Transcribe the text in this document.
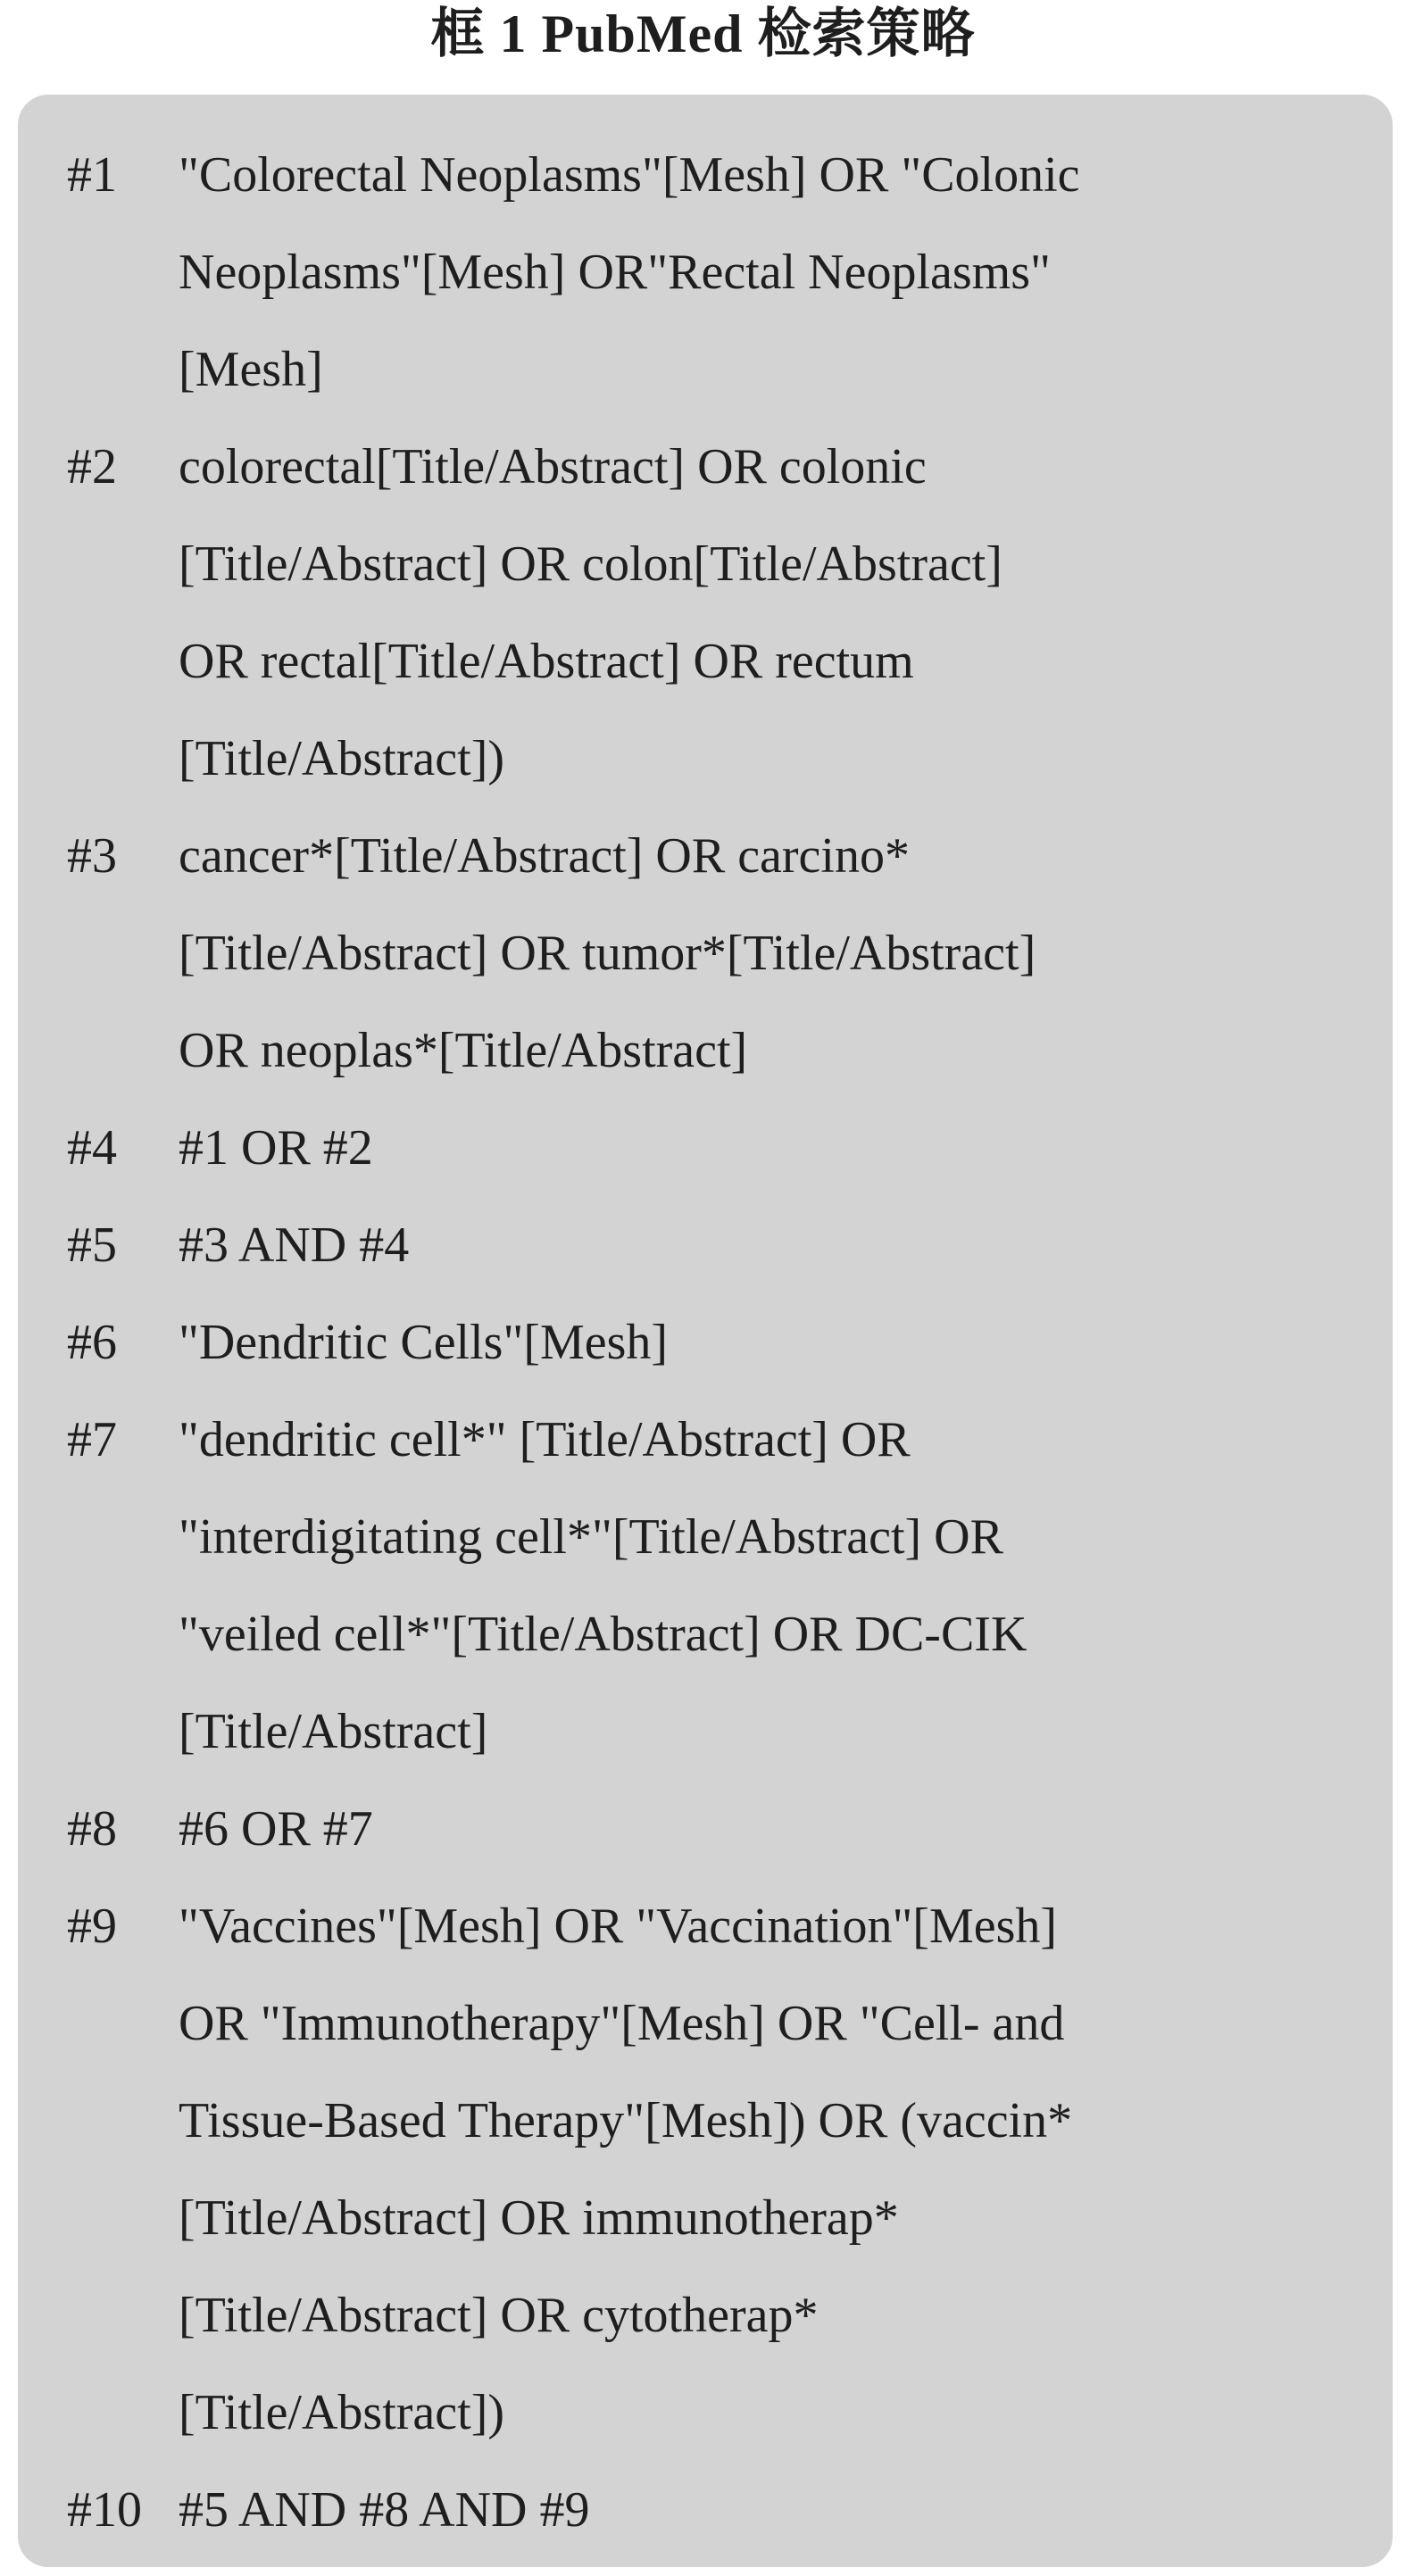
框 1 PubMed 检索策略
#1	"Colorectal Neoplasms"[Mesh] OR "Colonic
Neoplasms"[Mesh] OR"Rectal Neoplasms"
[Mesh]
#2	colorectal[Title/Abstract] OR colonic
[Title/Abstract] OR colon[Title/Abstract]
OR rectal[Title/Abstract] OR rectum
[Title/Abstract])
#3	cancer*[Title/Abstract] OR carcino*
[Title/Abstract] OR tumor*[Title/Abstract]
OR neoplas*[Title/Abstract]
#4	#1 OR #2
#5	#3 AND #4
#6	"Dendritic Cells"[Mesh]
#7	"dendritic cell*" [Title/Abstract] OR
"interdigitating cell*"[Title/Abstract] OR
"veiled cell*"[Title/Abstract] OR DC-CIK
[Title/Abstract]
#8	#6 OR #7
#9	"Vaccines"[Mesh] OR "Vaccination"[Mesh]
OR "Immunotherapy"[Mesh] OR "Cell- and
Tissue-Based Therapy"[Mesh]) OR (vaccin*
[Title/Abstract] OR immunotherap*
[Title/Abstract] OR cytotherap*
[Title/Abstract])
#10 #5 AND #8 AND #9
